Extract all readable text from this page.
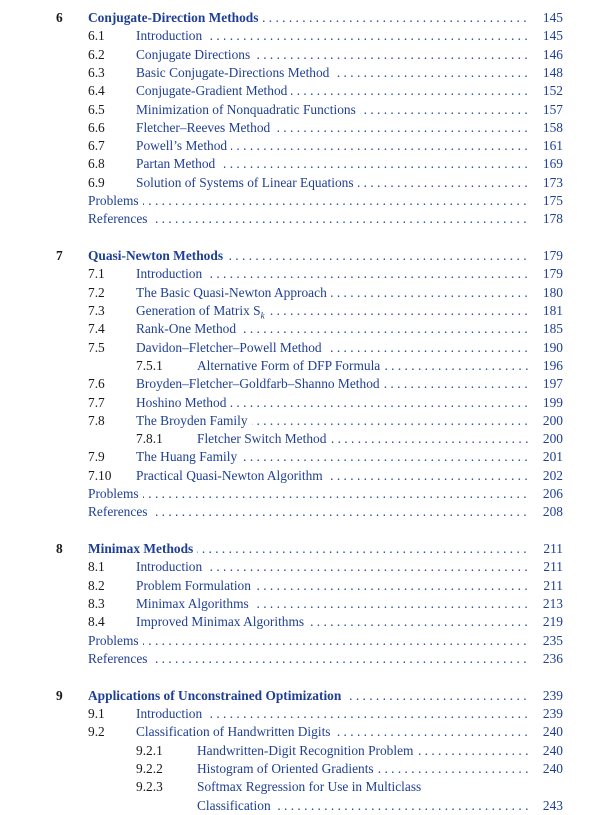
6 Conjugate-Direction Methods . . .	145
6.1 Introduction . . .	145
6.2 Conjugate Directions . . .	146
6.3 Basic Conjugate-Directions Method . . .	148
6.4 Conjugate-Gradient Method . . .	152
6.5 Minimization of Nonquadratic Functions . . .	157
6.6 Fletcher–Reeves Method . . .	158
6.7 Powell’s Method . . .	161
6.8 Partan Method . . .	169
6.9 Solution of Systems of Linear Equations . . .	173
Problems . . .	175
References . . .	178
7 Quasi-Newton Methods . . .	179
7.1 Introduction . . .	179
7.2 The Basic Quasi-Newton Approach . . .	180
7.3 Generation of Matrix $S_k$ . . .	181
7.4 Rank-One Method . . .	185
7.5 Davidon–Fletcher–Powell Method . . .	190
7.5.1	Alternative Form of DFP Formula . . .	196
7.6 Broyden–Fletcher–Goldfarb–Shanno Method . . .	197
7.7 Hoshino Method . . .	199
7.8 The Broyden Family . . .	200
7.8.1	Fletcher Switch Method . . .	200
7.9 The Huang Family . . .	201
7.10 Practical Quasi-Newton Algorithm . . .	202
Problems . . .	206
References . . .	208
8 Minimax Methods . . .	211
8.1 Introduction . . .	211
8.2 Problem Formulation . . .	211
8.3 Minimax Algorithms . . .	213
8.4 Improved Minimax Algorithms . . .	219
Problems . . .	235
References . . .	236
9 Applications of Unconstrained Optimization . . .	239
9.1 Introduction . . .	239
9.2 Classification of Handwritten Digits . . .	240
9.2.1	Handwritten-Digit Recognition Problem . . .	240
9.2.2	Histogram of Oriented Gradients . . .	240
9.2.3	Softmax Regression for Use in Multiclass
Classification . . .	243
